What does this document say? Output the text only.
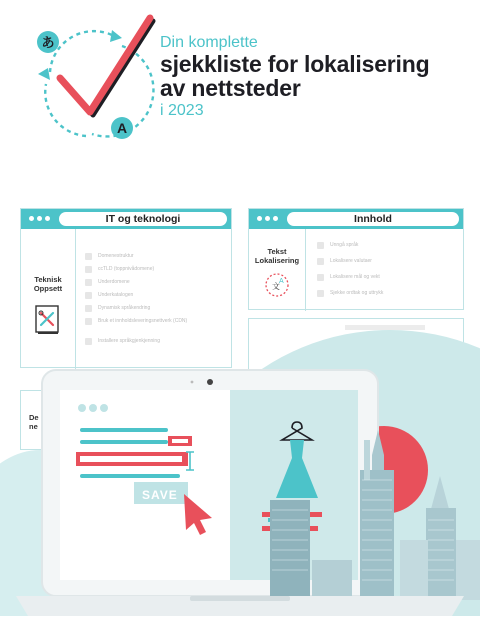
あ
A
Din komplette
sjekkliste for lokalisering
av nettsteder
i 2023
IT og teknologi
Teknisk
Oppsett
Domenestruktur
ccTLD (toppnivådomene)
Underdomene
Underkatalogen
Dynamisk språkendring
Bruk et innholdsleveringsnettverk (CDN)
Installere språkgjenkjenning
De
ne
Innhold
Tekst
Lokalisering
文
A
Unngå språk
Lokalisere valutaer
Lokalisere mål og vekt
Sjekke ordtak og uttrykk
SAVE
